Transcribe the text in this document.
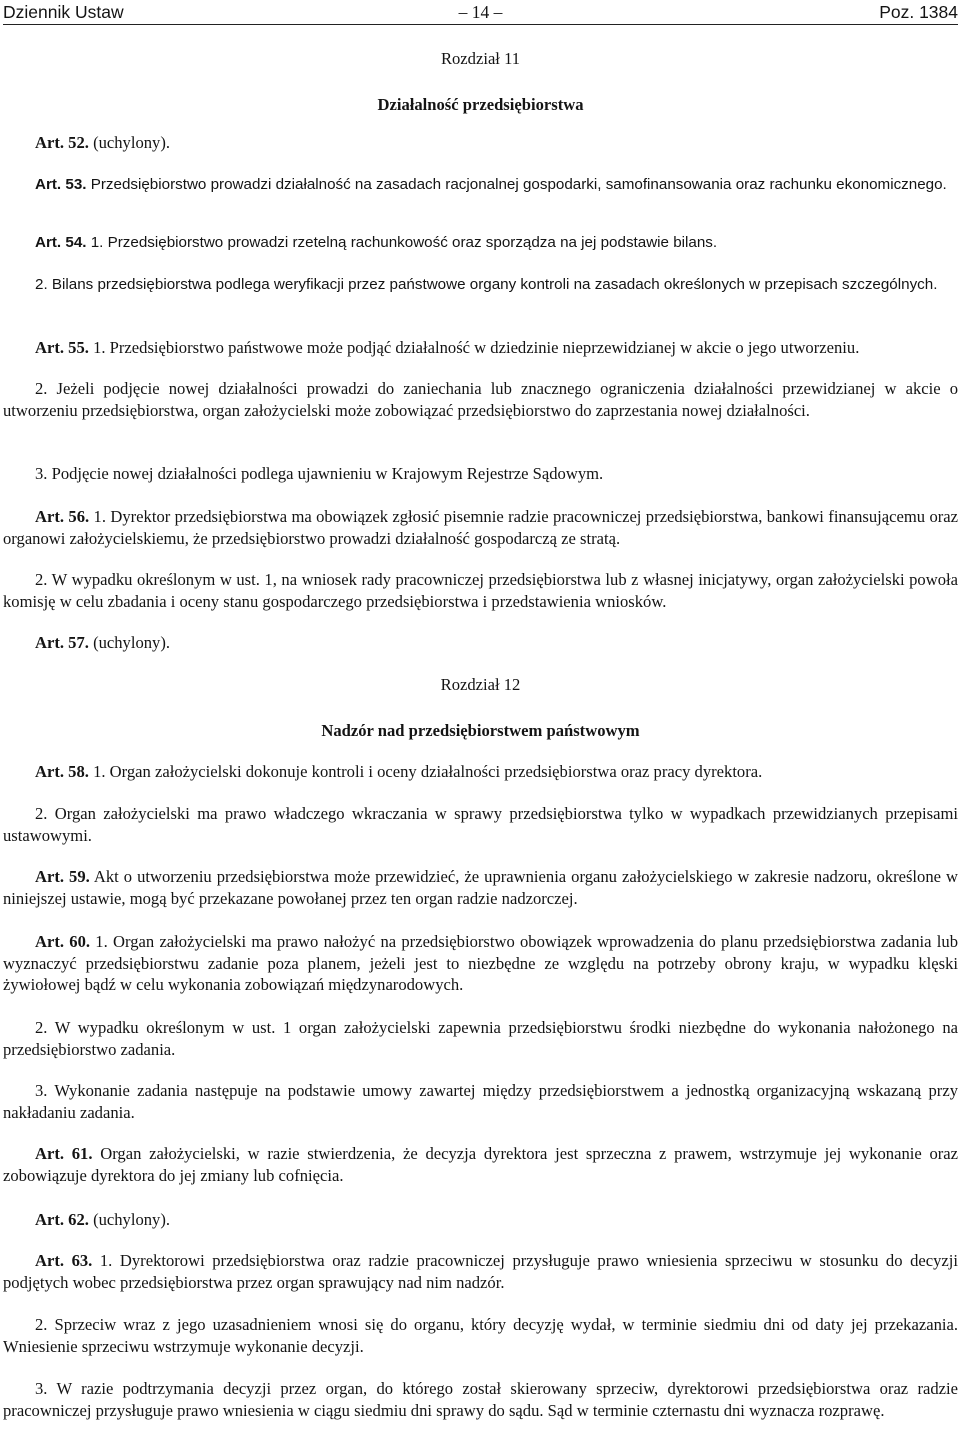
Dziennik Ustaw	– 14 –	Poz. 1384

Rozdział 11

Działalność przedsiębiorstwa

Art. 52. (uchylony).

Art. 53. Przedsiębiorstwo prowadzi działalność na zasadach racjonalnej gospodarki, samofinansowania oraz rachunku ekonomicznego.

Art. 54. 1. Przedsiębiorstwo prowadzi rzetelną rachunkowość oraz sporządza na jej podstawie bilans.

2. Bilans przedsiębiorstwa podlega weryfikacji przez państwowe organy kontroli na zasadach określonych w przepisach szczególnych.

Art. 55. 1. Przedsiębiorstwo państwowe może podjąć działalność w dziedzinie nieprzewidzianej w akcie o jego utworzeniu.

2. Jeżeli podjęcie nowej działalności prowadzi do zaniechania lub znacznego ograniczenia działalności przewidzianej w akcie o utworzeniu przedsiębiorstwa, organ założycielski może zobowiązać przedsiębiorstwo do zaprzestania nowej działalności.

3. Podjęcie nowej działalności podlega ujawnieniu w Krajowym Rejestrze Sądowym.

Art. 56. 1. Dyrektor przedsiębiorstwa ma obowiązek zgłosić pisemnie radzie pracowniczej przedsiębiorstwa, bankowi finansującemu oraz organowi założycielskiemu, że przedsiębiorstwo prowadzi działalność gospodarczą ze stratą.

2. W wypadku określonym w ust. 1, na wniosek rady pracowniczej przedsiębiorstwa lub z własnej inicjatywy, organ założycielski powoła komisję w celu zbadania i oceny stanu gospodarczego przedsiębiorstwa i przedstawienia wniosków.

Art. 57. (uchylony).

Rozdział 12

Nadzór nad przedsiębiorstwem państwowym

Art. 58. 1. Organ założycielski dokonuje kontroli i oceny działalności przedsiębiorstwa oraz pracy dyrektora.

2. Organ założycielski ma prawo władczego wkraczania w sprawy przedsiębiorstwa tylko w wypadkach przewidzianych przepisami ustawowymi.

Art. 59. Akt o utworzeniu przedsiębiorstwa może przewidzieć, że uprawnienia organu założycielskiego w zakresie nadzoru, określone w niniejszej ustawie, mogą być przekazane powołanej przez ten organ radzie nadzorczej.

Art. 60. 1. Organ założycielski ma prawo nałożyć na przedsiębiorstwo obowiązek wprowadzenia do planu przedsiębiorstwa zadania lub wyznaczyć przedsiębiorstwu zadanie poza planem, jeżeli jest to niezbędne ze względu na potrzeby obrony kraju, w wypadku klęski żywiołowej bądź w celu wykonania zobowiązań międzynarodowych.

2. W wypadku określonym w ust. 1 organ założycielski zapewnia przedsiębiorstwu środki niezbędne do wykonania nałożonego na przedsiębiorstwo zadania.

3. Wykonanie zadania następuje na podstawie umowy zawartej między przedsiębiorstwem a jednostką organizacyjną wskazaną przy nakładaniu zadania.

Art. 61. Organ założycielski, w razie stwierdzenia, że decyzja dyrektora jest sprzeczna z prawem, wstrzymuje jej wykonanie oraz zobowiązuje dyrektora do jej zmiany lub cofnięcia.

Art. 62. (uchylony).

Art. 63. 1. Dyrektorowi przedsiębiorstwa oraz radzie pracowniczej przysługuje prawo wniesienia sprzeciwu w stosunku do decyzji podjętych wobec przedsiębiorstwa przez organ sprawujący nad nim nadzór.

2. Sprzeciw wraz z jego uzasadnieniem wnosi się do organu, który decyzję wydał, w terminie siedmiu dni od daty jej przekazania. Wniesienie sprzeciwu wstrzymuje wykonanie decyzji.

3. W razie podtrzymania decyzji przez organ, do którego został skierowany sprzeciw, dyrektorowi przedsiębiorstwa oraz radzie pracowniczej przysługuje prawo wniesienia w ciągu siedmiu dni sprawy do sądu. Sąd w terminie czternastu dni wyznacza rozprawę.
